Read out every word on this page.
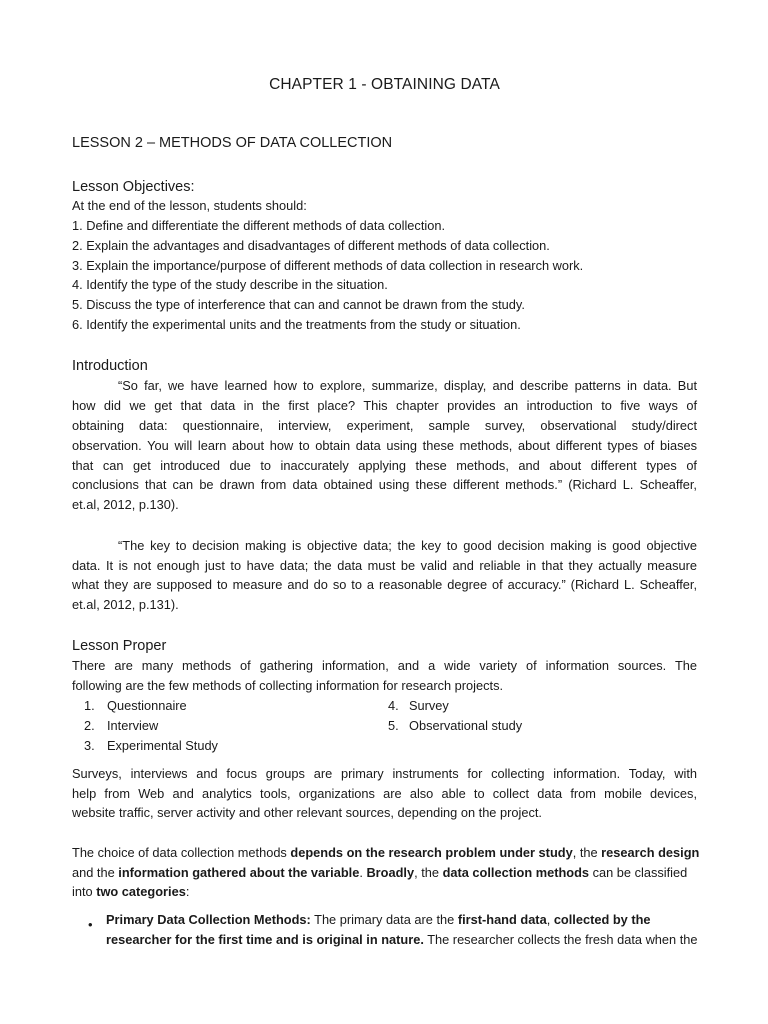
CHAPTER 1 - OBTAINING DATA
LESSON 2 – METHODS OF DATA COLLECTION
Lesson Objectives:
At the end of the lesson, students should:
1. Define and differentiate the different methods of data collection.
2. Explain the advantages and disadvantages of different methods of data collection.
3. Explain the importance/purpose of different methods of data collection in research work.
4. Identify the type of the study describe in the situation.
5. Discuss the type of interference that can and cannot be drawn from the study.
6. Identify the experimental units and the treatments from the study or situation.
Introduction
“So far, we have learned how to explore, summarize, display, and describe patterns in data. But
how did we get that data in the first place? This chapter provides an introduction to five ways of
obtaining data: questionnaire, interview, experiment, sample survey, observational study/direct
observation. You will learn about how to obtain data using these methods, about different types of biases
that can get introduced due to inaccurately applying these methods, and about different types of
conclusions that can be drawn from data obtained using these different methods.” (Richard L. Scheaffer,
et.al, 2012, p.130).
“The key to decision making is objective data; the key to good decision making is good objective
data. It is not enough just to have data; the data must be valid and reliable in that they actually measure
what they are supposed to measure and do so to a reasonable degree of accuracy.” (Richard L. Scheaffer,
et.al, 2012, p.131).
Lesson Proper
There are many methods of gathering information, and a wide variety of information sources. The
following are the few methods of collecting information for research projects.
1. Questionnaire
2. Interview
3. Experimental Study
4. Survey
5. Observational study
Surveys, interviews and focus groups are primary instruments for collecting information. Today, with
help from Web and analytics tools, organizations are also able to collect data from mobile devices,
website traffic, server activity and other relevant sources, depending on the project.
The choice of data collection methods depends on the research problem under study, the research design
and the information gathered about the variable. Broadly, the data collection methods can be classified
into two categories:
• Primary Data Collection Methods: The primary data are the first-hand data, collected by the
researcher for the first time and is original in nature. The researcher collects the fresh data when the
